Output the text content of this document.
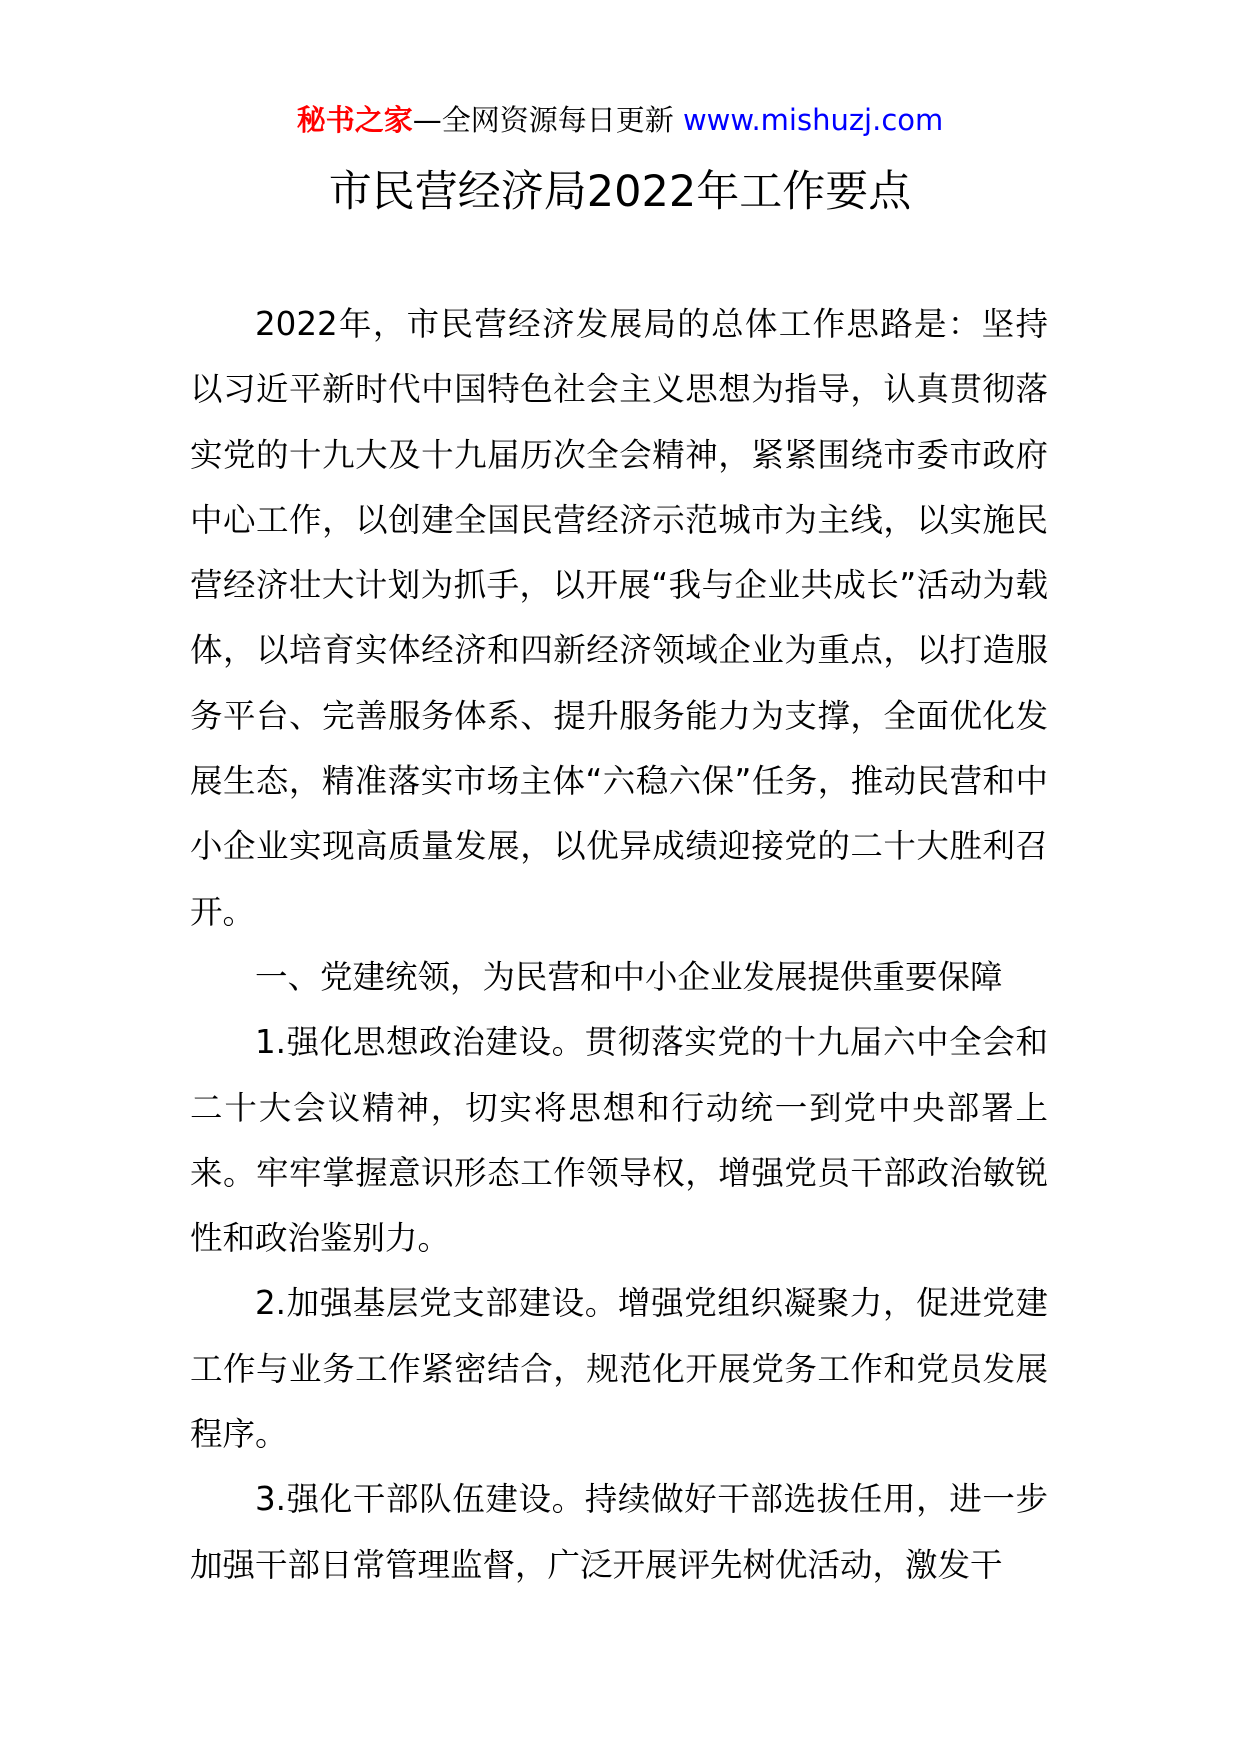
秘书之家—全网资源每日更新 www.mishuzj.com
市民营经济局2022年工作要点

2022年，市民营经济发展局的总体工作思路是：坚持以习近平新时代中国特色社会主义思想为指导，认真贯彻落实党的十九大及十九届历次全会精神，紧紧围绕市委市政府中心工作，以创建全国民营经济示范城市为主线，以实施民营经济壮大计划为抓手，以开展“我与企业共成长”活动为载体，以培育实体经济和四新经济领域企业为重点，以打造服务平台、完善服务体系、提升服务能力为支撑，全面优化发展生态，精准落实市场主体“六稳六保”任务，推动民营和中小企业实现高质量发展，以优异成绩迎接党的二十大胜利召开。

一、党建统领，为民营和中小企业发展提供重要保障

1.强化思想政治建设。贯彻落实党的十九届六中全会和二十大会议精神，切实将思想和行动统一到党中央部署上来。牢牢掌握意识形态工作领导权，增强党员干部政治敏锐性和政治鉴别力。

2.加强基层党支部建设。增强党组织凝聚力，促进党建工作与业务工作紧密结合，规范化开展党务工作和党员发展程序。

3.强化干部队伍建设。持续做好干部选拔任用，进一步加强干部日常管理监督，广泛开展评先树优活动，激发干
